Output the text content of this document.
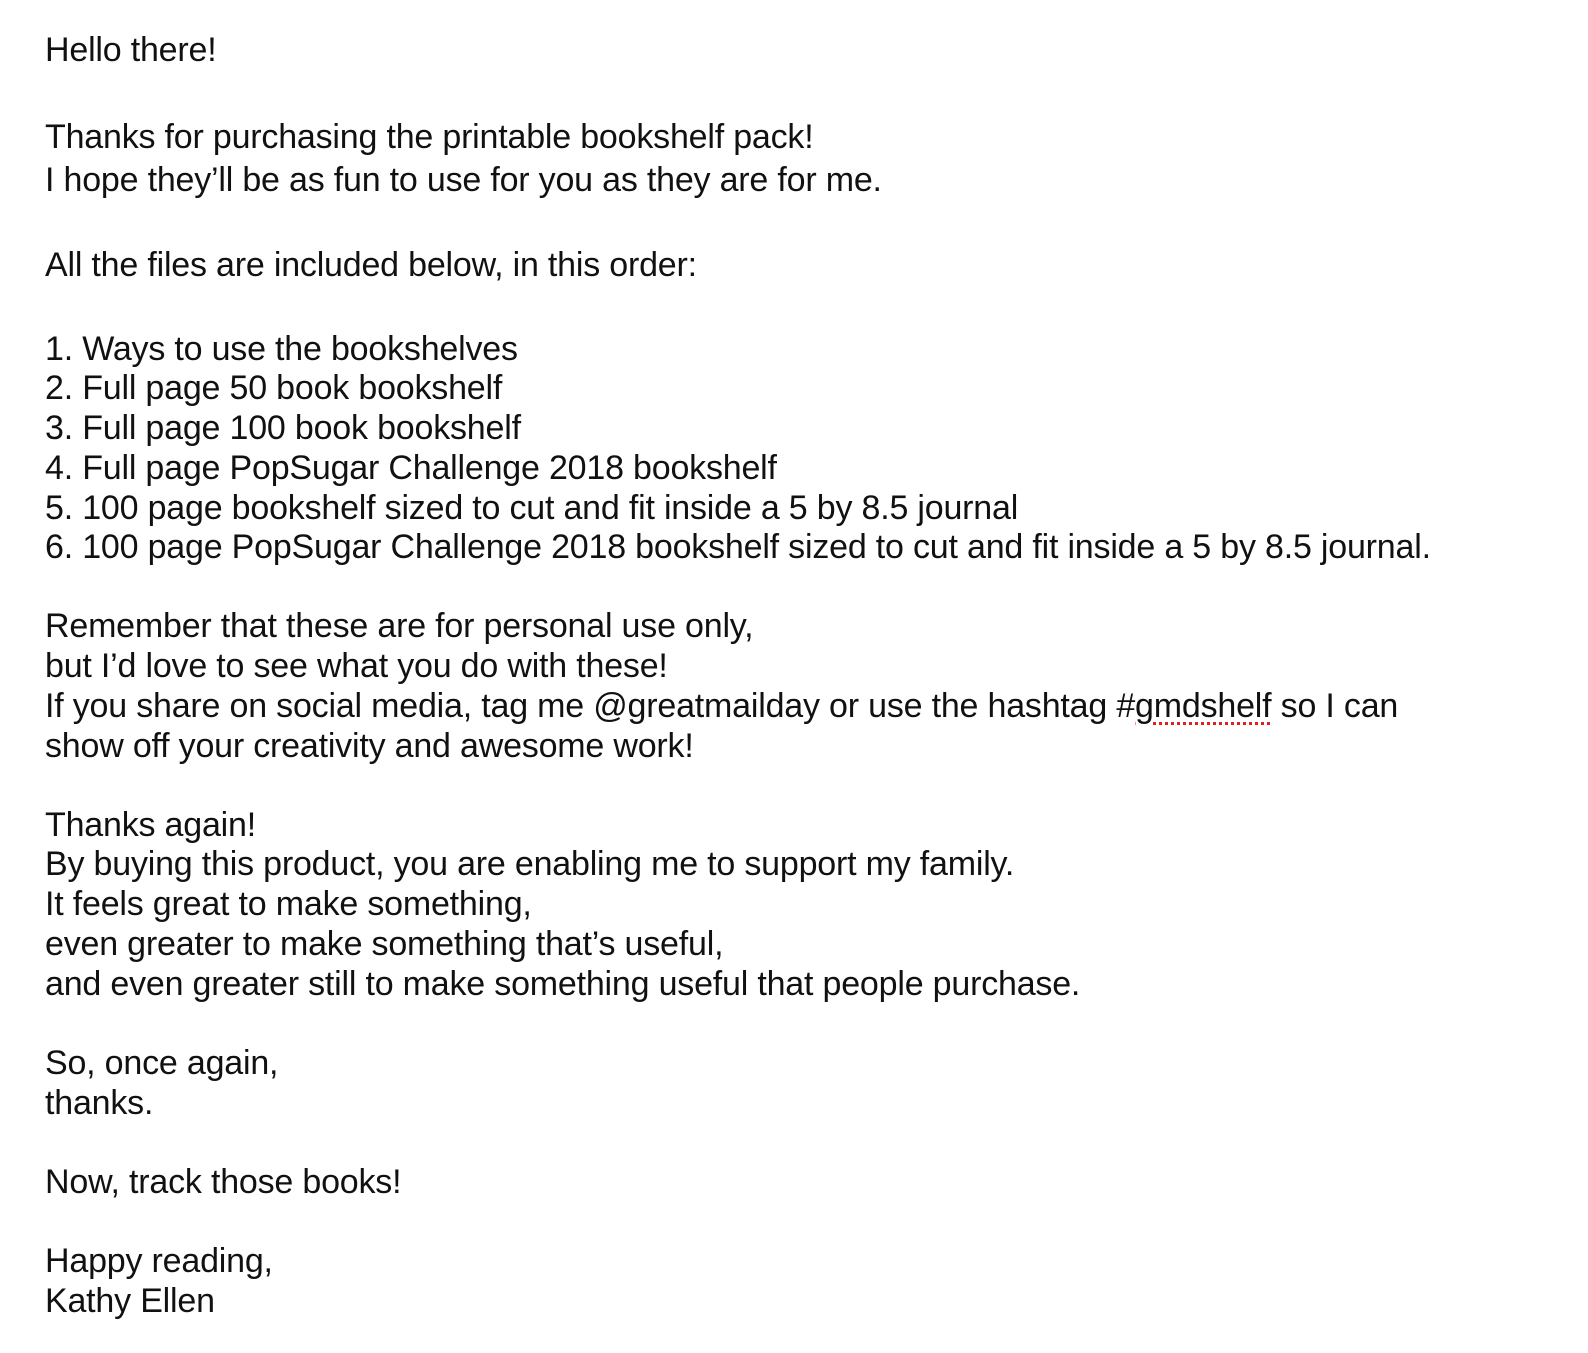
Hello there!
Thanks for purchasing the printable bookshelf pack!
I hope they’ll be as fun to use for you as they are for me.
All the files are included below, in this order:
1. Ways to use the bookshelves
2. Full page 50 book bookshelf
3. Full page 100 book bookshelf
4. Full page PopSugar Challenge 2018 bookshelf
5. 100 page bookshelf sized to cut and fit inside a 5 by 8.5 journal
6. 100 page PopSugar Challenge 2018 bookshelf sized to cut and fit inside a 5 by 8.5 journal.
Remember that these are for personal use only,
but I’d love to see what you do with these!
If you share on social media, tag me @greatmailday or use the hashtag #gmdshelf so I can
show off your creativity and awesome work!
Thanks again!
By buying this product, you are enabling me to support my family.
It feels great to make something,
even greater to make something that’s useful,
and even greater still to make something useful that people purchase.
So, once again,
thanks.
Now, track those books!
Happy reading,
Kathy Ellen
